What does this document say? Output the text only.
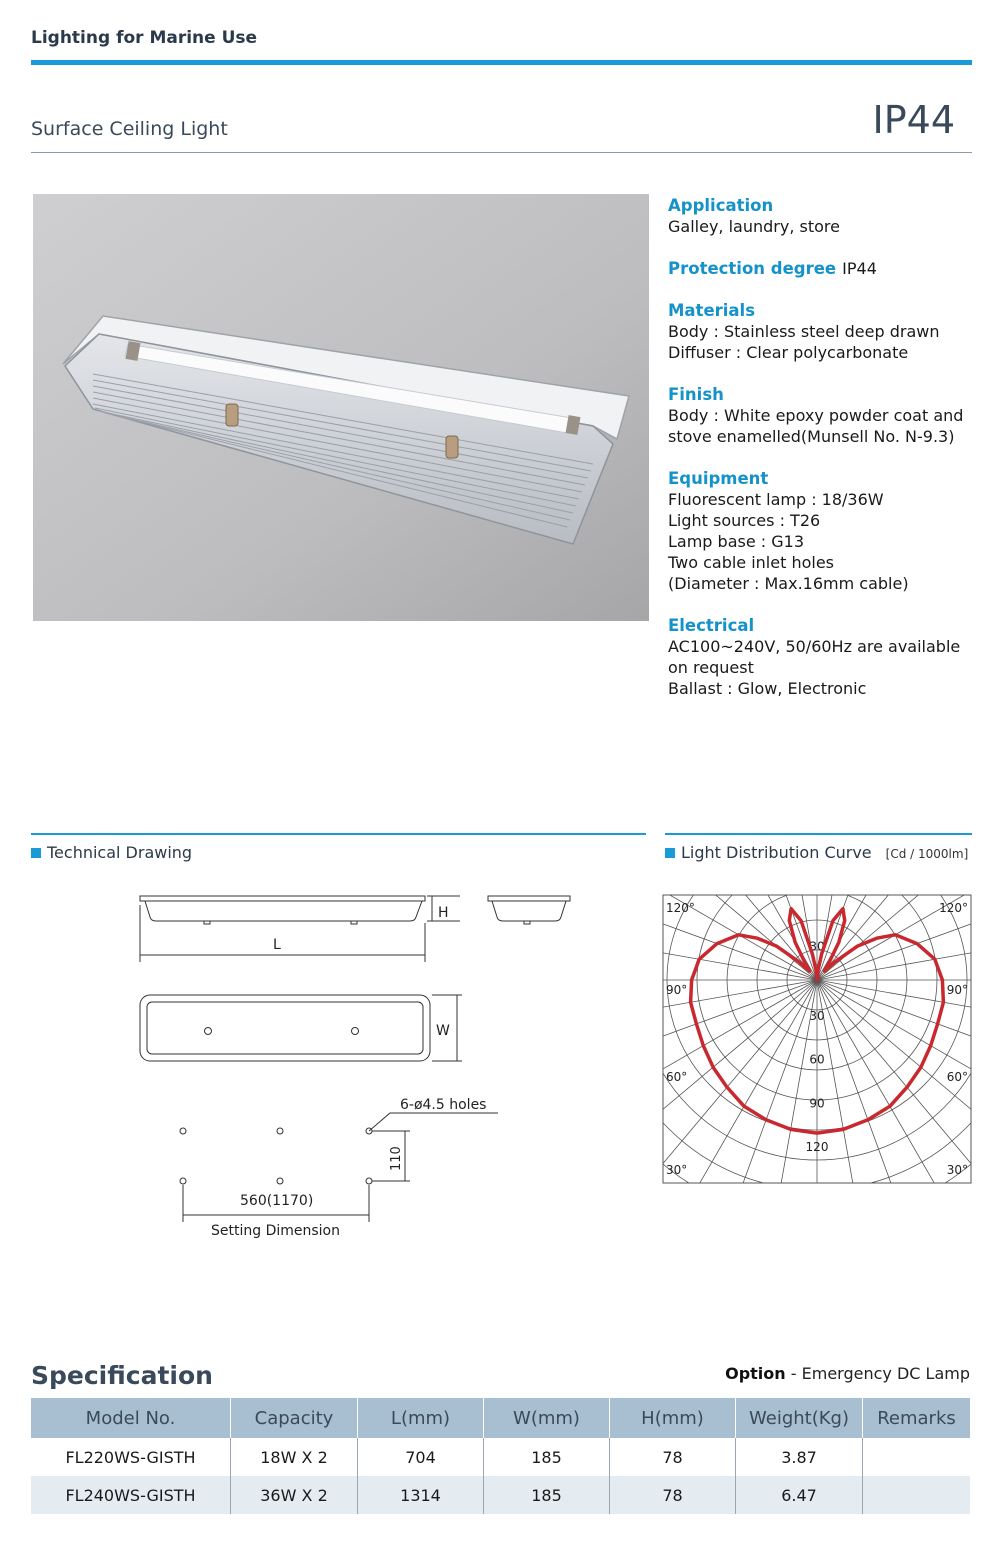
Lighting for Marine Use
Surface Ceiling Light	IP44
Application
Galley, laundry, store
Protection degree IP44
Materials
Body : Stainless steel deep drawn
Diffuser : Clear polycarbonate
Finish
Body : White epoxy powder coat and
stove enamelled(Munsell No. N-9.3)
Equipment
Fluorescent lamp : 18/36W
Light sources : T26
Lamp base : G13
Two cable inlet holes
(Diameter : Max.16mm cable)
Electrical
AC100~240V, 50/60Hz are available
on request
Ballast : Glow, Electronic
Technical Drawing	Light Distribution Curve [Cd / 1000lm]
H
L
W
6-ø4.5 holes
110
560(1170)
Setting Dimension
120°	120°
90°	90°
60°	60°
30°	30°
30
30
60
90
120
Specification	Option - Emergency DC Lamp
Model No.	Capacity	L(mm)	W(mm)	H(mm)	Weight(Kg)	Remarks
FL220WS-GISTH	18W X 2	704	185	78	3.87	
FL240WS-GISTH	36W X 2	1314	185	78	6.47	
